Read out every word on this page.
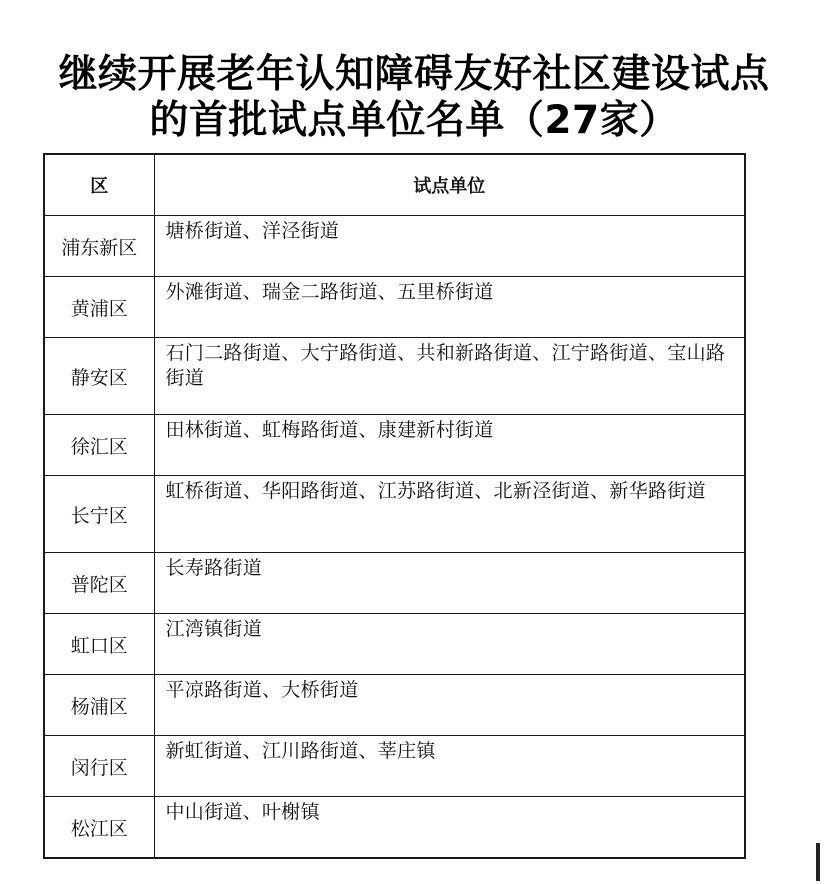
继续开展老年认知障碍友好社区建设试点
的首批试点单位名单（27家）
区	试点单位
浦东新区	塘桥街道、洋泾街道
黄浦区	外滩街道、瑞金二路街道、五里桥街道
静安区	石门二路街道、大宁路街道、共和新路街道、江宁路街道、宝山路街道
徐汇区	田林街道、虹梅路街道、康建新村街道
长宁区	虹桥街道、华阳路街道、江苏路街道、北新泾街道、新华路街道
普陀区	长寿路街道
虹口区	江湾镇街道
杨浦区	平凉路街道、大桥街道
闵行区	新虹街道、江川路街道、莘庄镇
松江区	中山街道、叶榭镇
